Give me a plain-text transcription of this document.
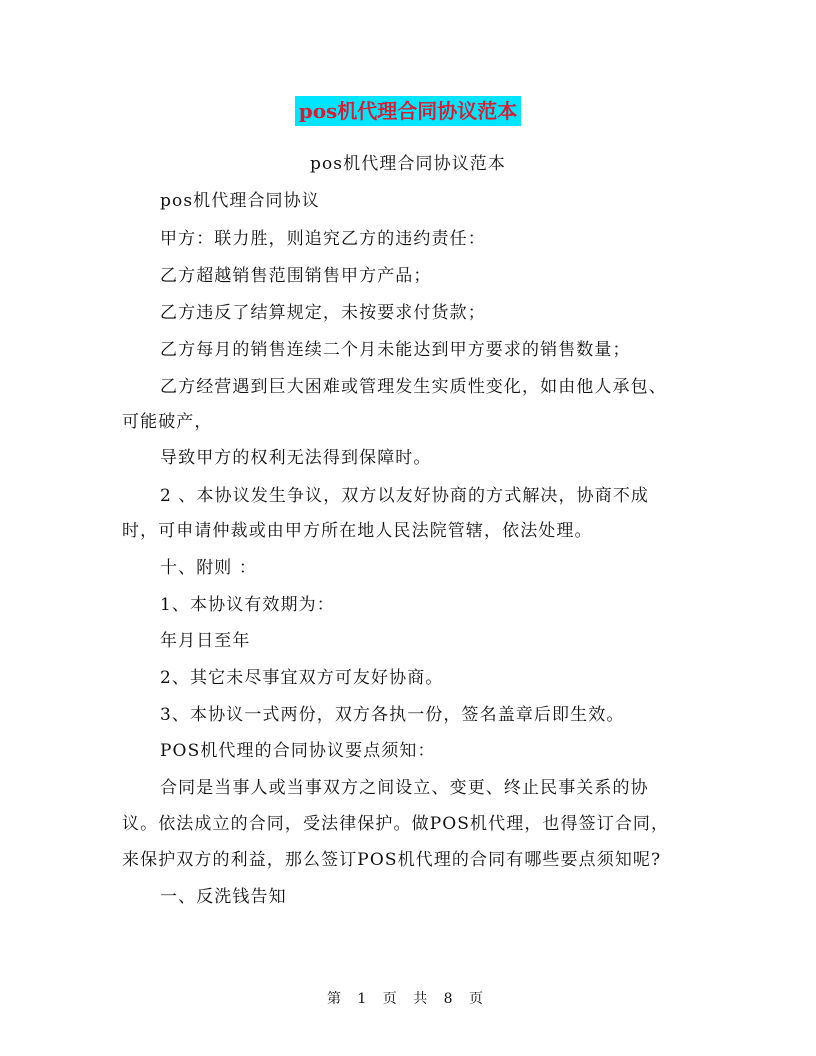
pos机代理合同协议范本
pos机代理合同协议范本
pos机代理合同协议
甲方：联力胜，则追究乙方的违约责任：
乙方超越销售范围销售甲方产品；
乙方违反了结算规定，未按要求付货款；
乙方每月的销售连续二个月未能达到甲方要求的销售数量；
乙方经营遇到巨大困难或管理发生实质性变化，如由他人承包、
可能破产，
导致甲方的权利无法得到保障时。
2 、本协议发生争议，双方以友好协商的方式解决，协商不成
时，可申请仲裁或由甲方所在地人民法院管辖，依法处理。
十、附则 ：
1、本协议有效期为：
年月日至年
2、其它未尽事宜双方可友好协商。
3、本协议一式两份，双方各执一份，签名盖章后即生效。
POS机代理的合同协议要点须知：
合同是当事人或当事双方之间设立、变更、终止民事关系的协
议。依法成立的合同，受法律保护。做POS机代理，也得签订合同，
来保护双方的利益，那么签订POS机代理的合同有哪些要点须知呢?
一、反洗钱告知
第 1 页 共 8 页
